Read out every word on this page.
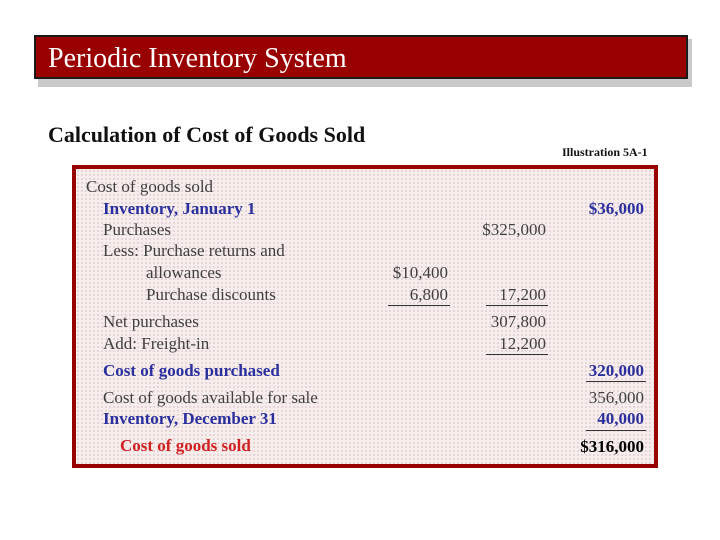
Periodic Inventory System
Calculation of Cost of Goods Sold
Illustration 5A-1
Cost of goods sold
Inventory, January 1	$36,000
Purchases	$325,000
Less: Purchase returns and
allowances	$10,400
Purchase discounts	6,800	17,200
Net purchases	307,800
Add: Freight-in	12,200
Cost of goods purchased	320,000
Cost of goods available for sale	356,000
Inventory, December 31	40,000
Cost of goods sold	$316,000
